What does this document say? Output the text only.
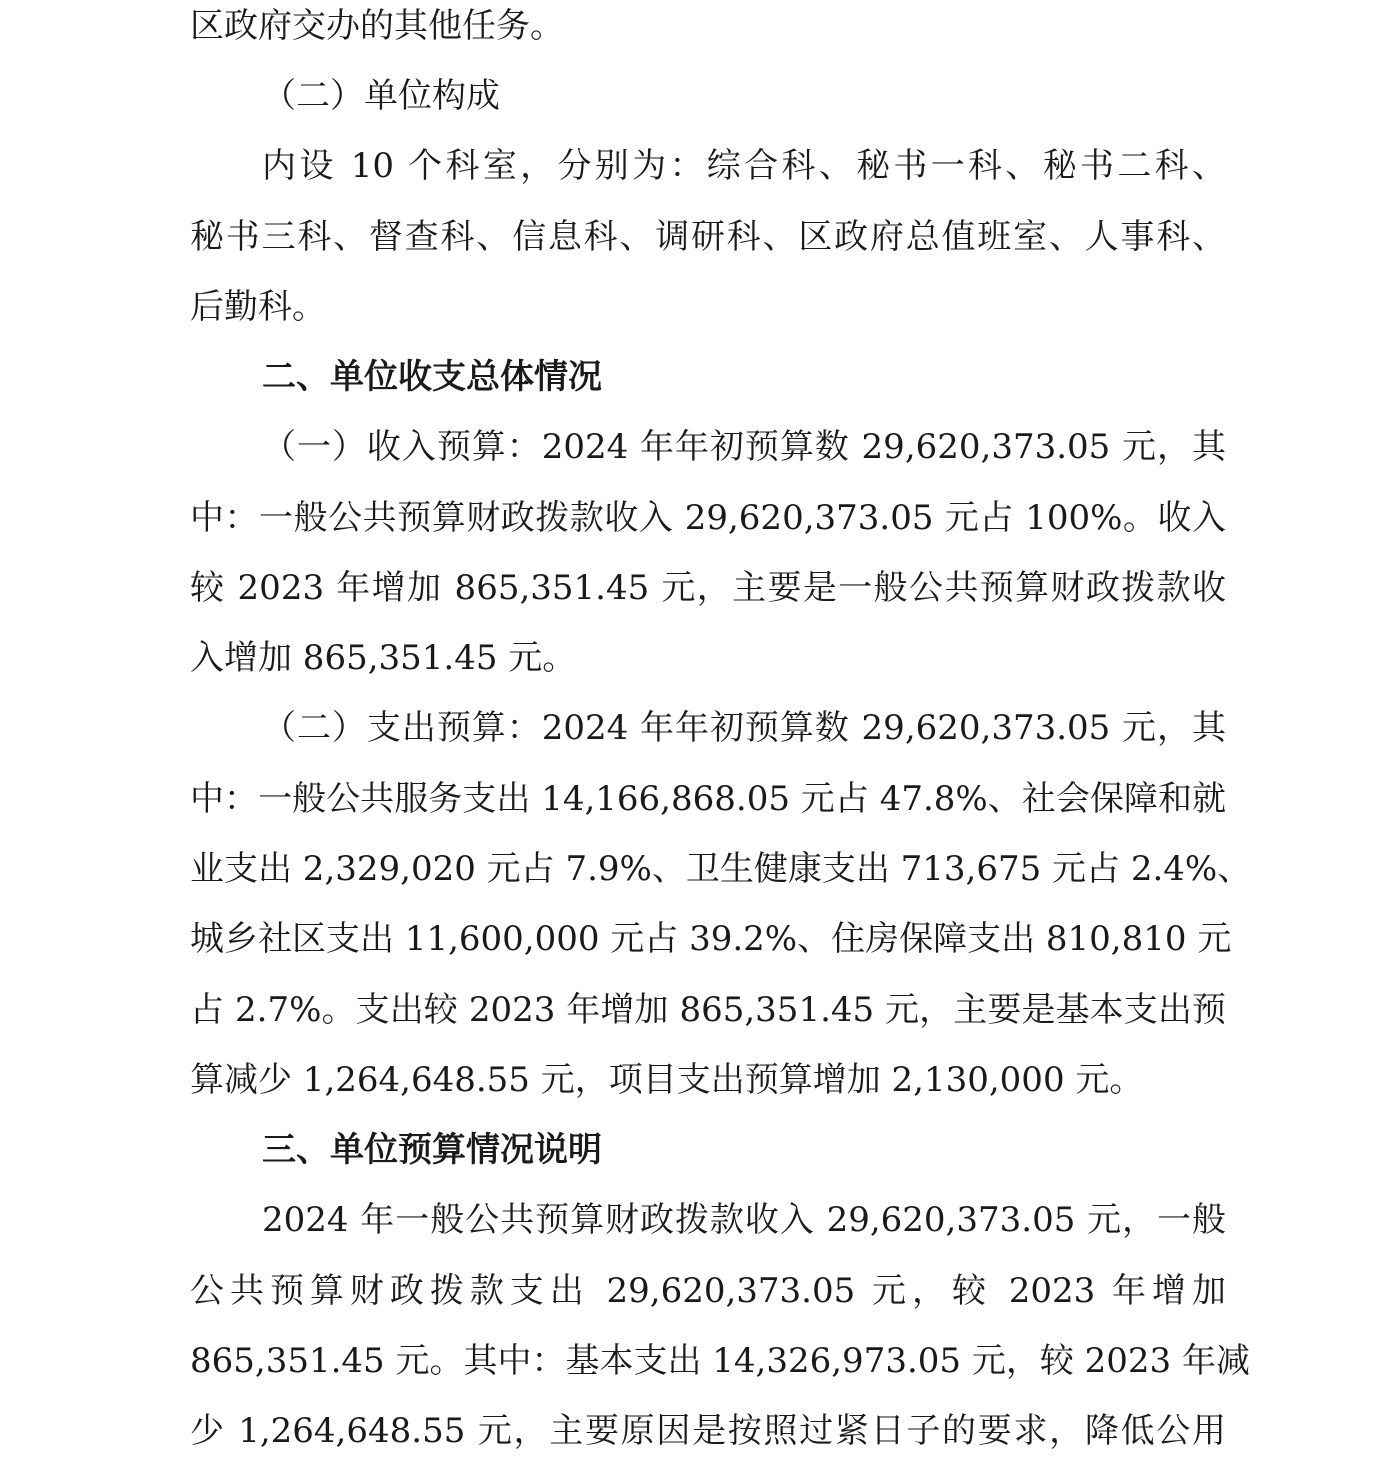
区政府交办的其他任务。
（二）单位构成
内设 10 个科室，分别为：综合科、秘书一科、秘书二科、
秘书三科、督查科、信息科、调研科、区政府总值班室、人事科、
后勤科。
二、单位收支总体情况
（一）收入预算：2024 年年初预算数 29,620,373.05 元，其
中：一般公共预算财政拨款收入 29,620,373.05 元占 100%。收入
较 2023 年增加 865,351.45 元，主要是一般公共预算财政拨款收
入增加 865,351.45 元。
（二）支出预算：2024 年年初预算数 29,620,373.05 元，其
中：一般公共服务支出 14,166,868.05 元占 47.8%、社会保障和就
业支出 2,329,020 元占 7.9%、卫生健康支出 713,675 元占 2.4%、
城乡社区支出 11,600,000 元占 39.2%、住房保障支出 810,810 元
占 2.7%。支出较 2023 年增加 865,351.45 元，主要是基本支出预
算减少 1,264,648.55 元，项目支出预算增加 2,130,000 元。
三、单位预算情况说明
2024 年一般公共预算财政拨款收入 29,620,373.05 元，一般
公共预算财政拨款支出 29,620,373.05 元，较 2023 年增加
865,351.45 元。其中：基本支出 14,326,973.05 元，较 2023 年减
少 1,264,648.55 元，主要原因是按照过紧日子的要求，降低公用
